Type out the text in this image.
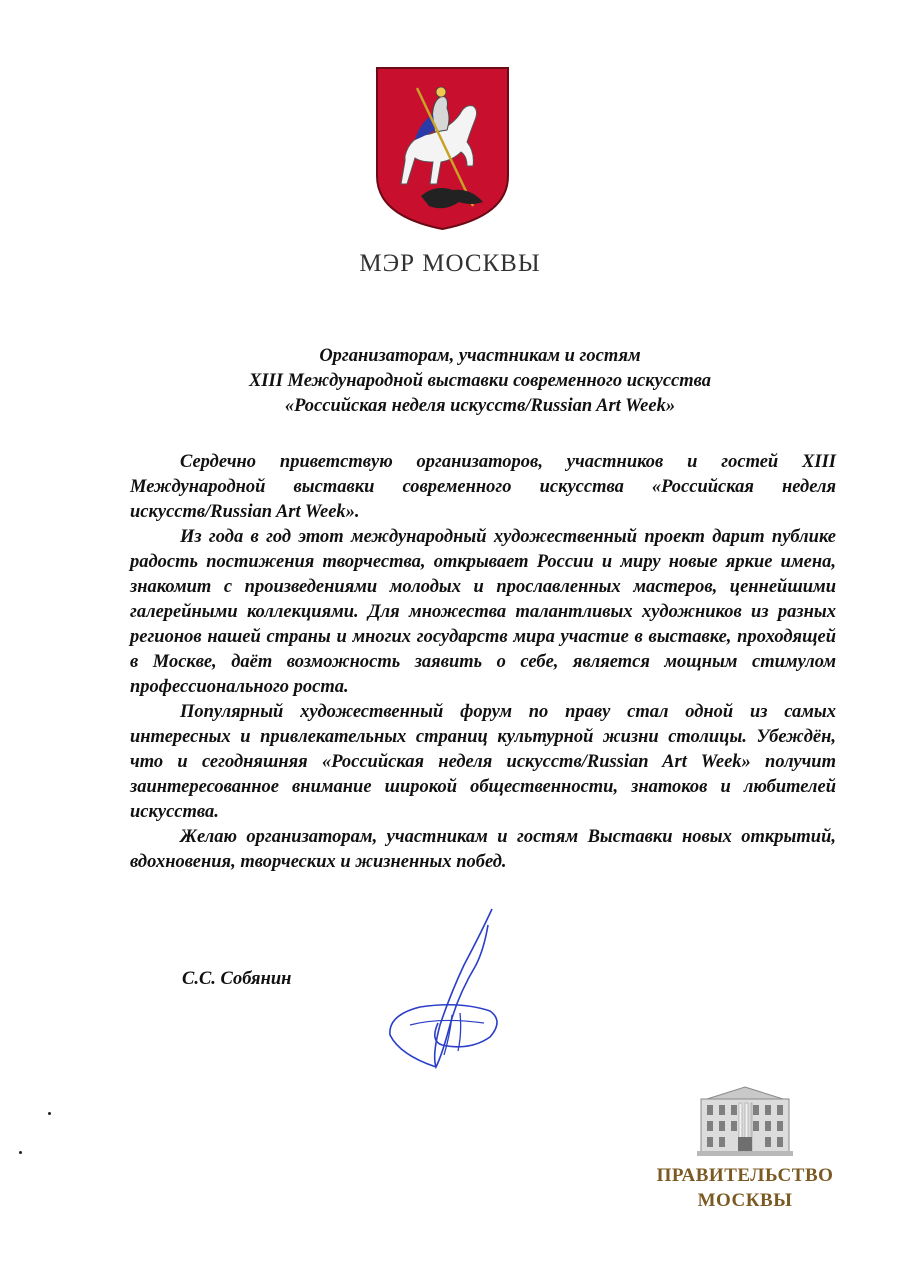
МЭР МОСКВЫ
Организаторам, участникам и гостям
XIII Международной выставки современного искусства
«Российская неделя искусств/Russian Art Week»

Сердечно приветствую организаторов, участников и гостей XIII Международной выставки современного искусства «Российская неделя искусств/Russian Art Week».

Из года в год этот международный художественный проект дарит публике радость постижения творчества, открывает России и миру новые яркие имена, знакомит с произведениями молодых и прославленных мастеров, ценнейшими галерейными коллекциями. Для множества талантливых художников из разных регионов нашей страны и многих государств мира участие в выставке, проходящей в Москве, даёт возможность заявить о себе, является мощным стимулом профессионального роста.

Популярный художественный форум по праву стал одной из самых интересных и привлекательных страниц культурной жизни столицы. Убеждён, что и сегодняшняя «Российская неделя искусств/Russian Art Week» получит заинтересованное внимание широкой общественности, знатоков и любителей искусства.

Желаю организаторам, участникам и гостям Выставки новых открытий, вдохновения, творческих и жизненных побед.

С.С. Собянин
ПРАВИТЕЛЬСТВО
МОСКВЫ
